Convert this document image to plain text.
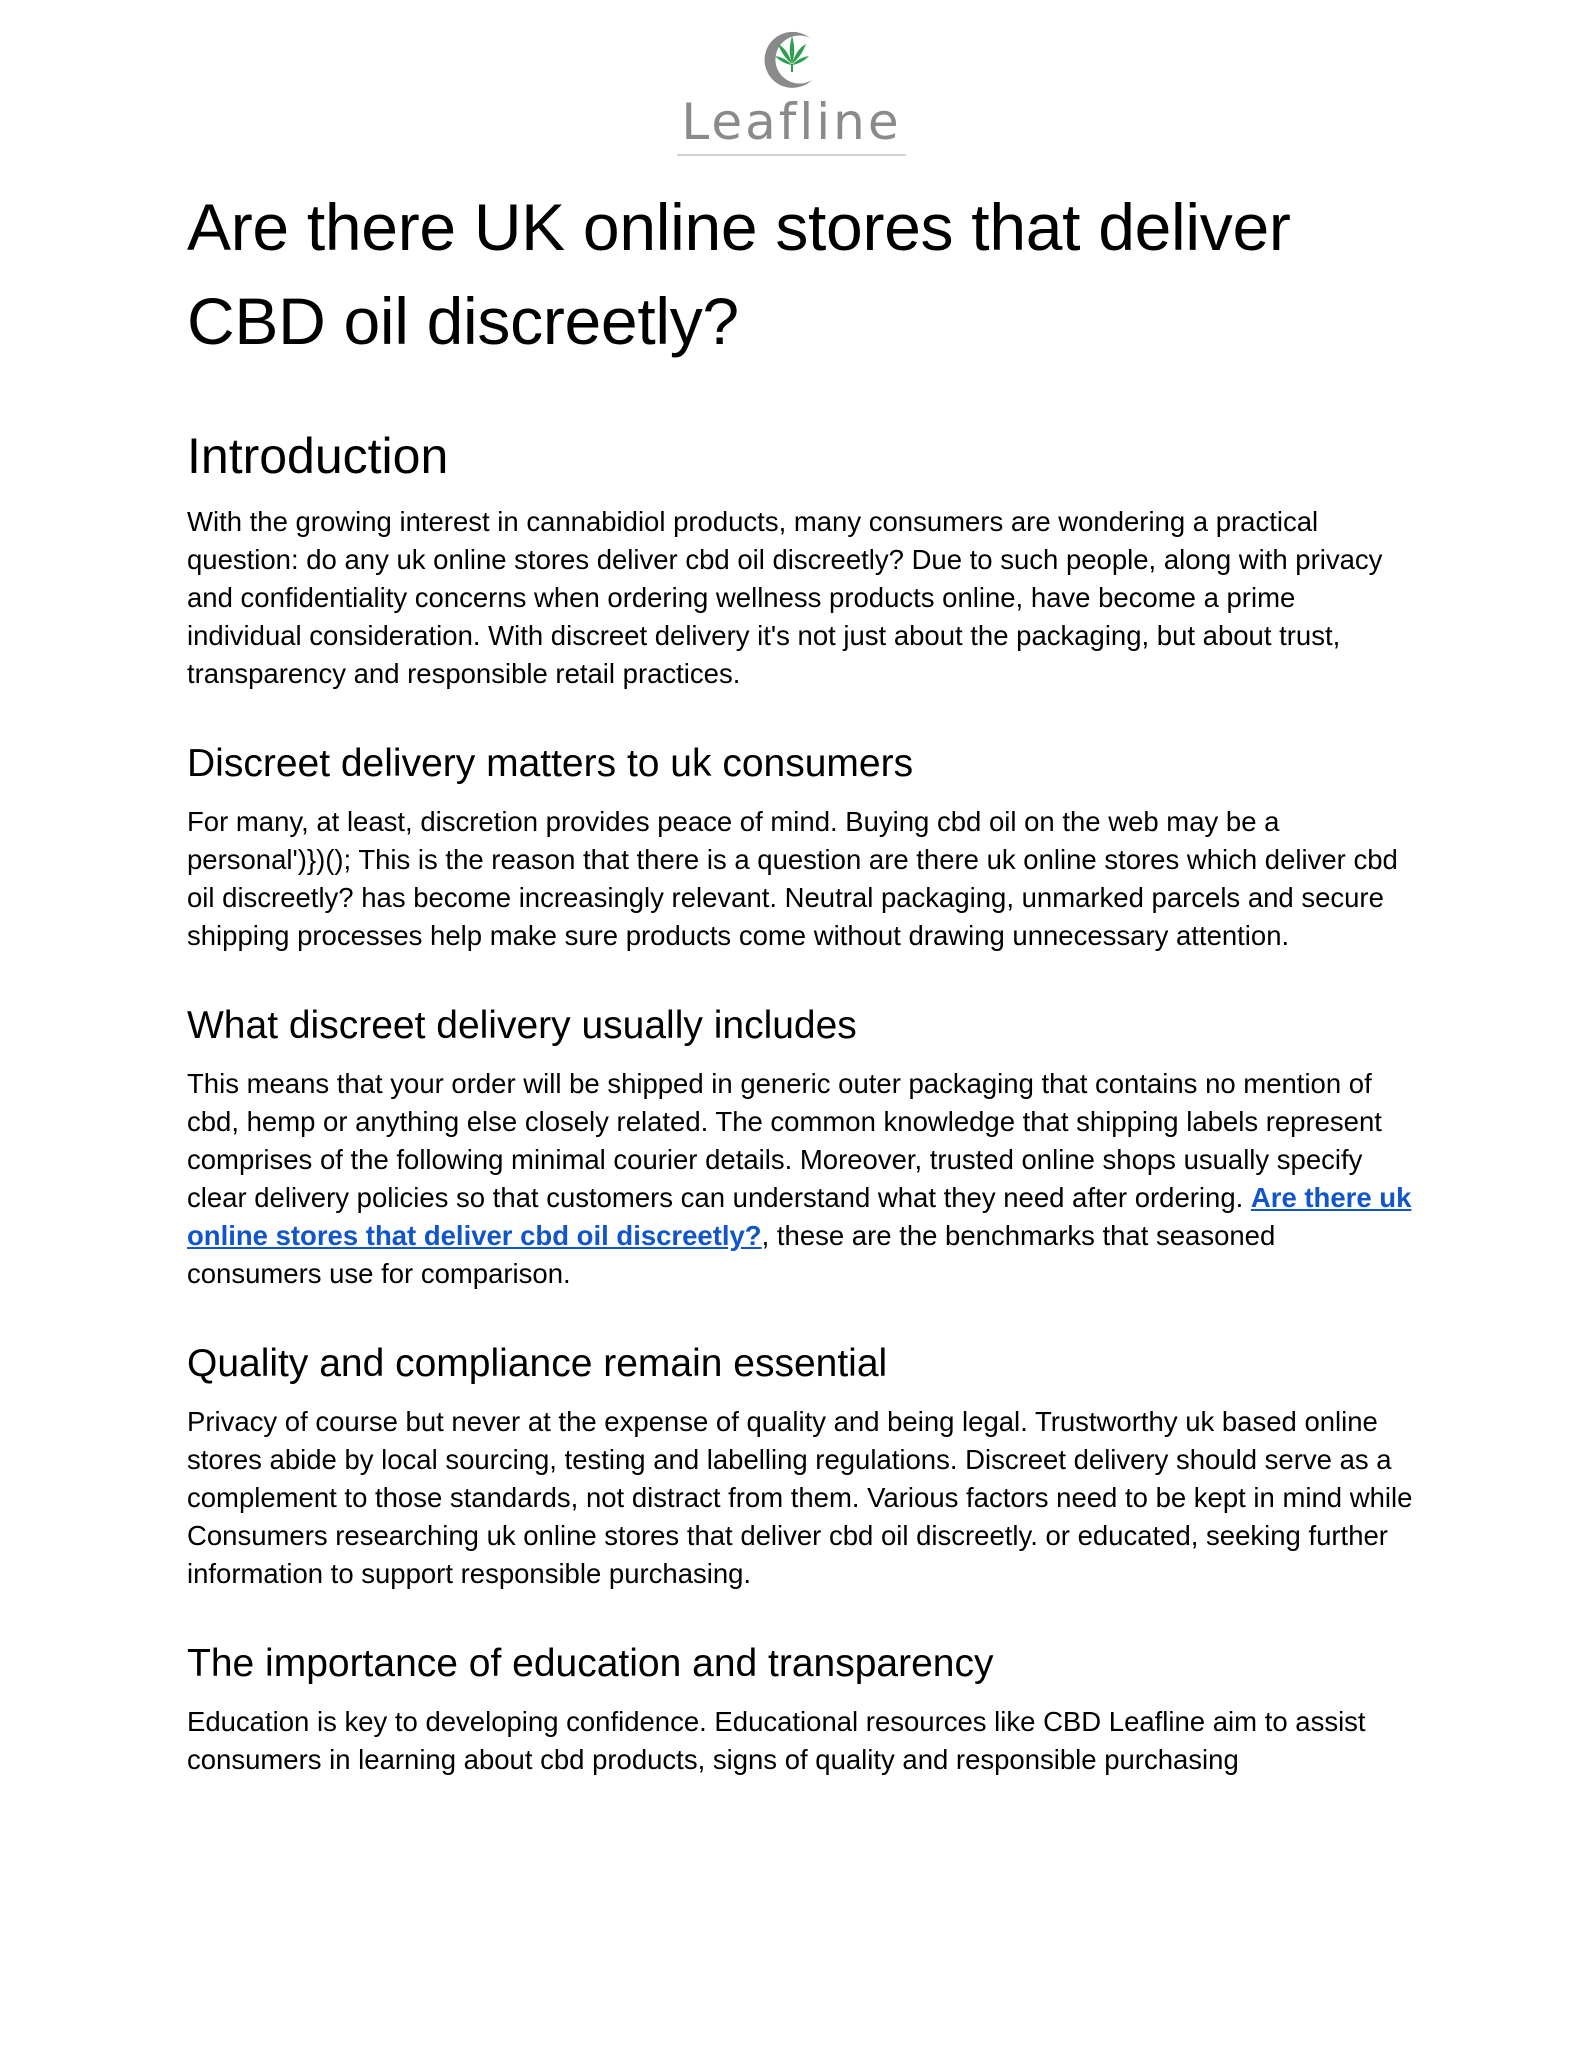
Leafline
Are there UK online stores that deliver CBD oil discreetly?
Introduction

With the growing interest in cannabidiol products, many consumers are wondering a practical question: do any uk online stores deliver cbd oil discreetly? Due to such people, along with privacy and confidentiality concerns when ordering wellness products online, have become a prime individual consideration. With discreet delivery it's not just about the packaging, but about trust, transparency and responsible retail practices.

Discreet delivery matters to uk consumers

For many, at least, discretion provides peace of mind. Buying cbd oil on the web may be a personal')})(); This is the reason that there is a question are there uk online stores which deliver cbd oil discreetly? has become increasingly relevant. Neutral packaging, unmarked parcels and secure shipping processes help make sure products come without drawing unnecessary attention.

What discreet delivery usually includes

This means that your order will be shipped in generic outer packaging that contains no mention of cbd, hemp or anything else closely related. The common knowledge that shipping labels represent comprises of the following minimal courier details. Moreover, trusted online shops usually specify clear delivery policies so that customers can understand what they need after ordering. Are there uk online stores that deliver cbd oil discreetly?, these are the benchmarks that seasoned consumers use for comparison.

Quality and compliance remain essential

Privacy of course but never at the expense of quality and being legal. Trustworthy uk based online stores abide by local sourcing, testing and labelling regulations. Discreet delivery should serve as a complement to those standards, not distract from them. Various factors need to be kept in mind while Consumers researching uk online stores that deliver cbd oil discreetly. or educated, seeking further information to support responsible purchasing.

The importance of education and transparency

Education is key to developing confidence. Educational resources like CBD Leafline aim to assist consumers in learning about cbd products, signs of quality and responsible purchasing
